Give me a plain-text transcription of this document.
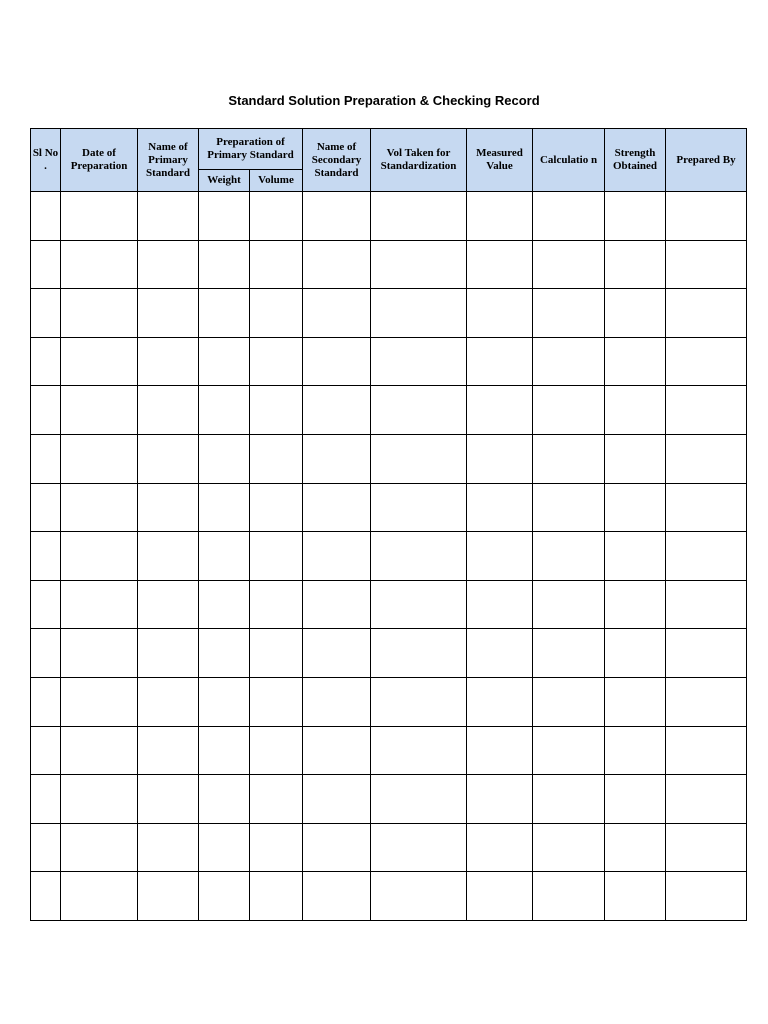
Standard Solution Preparation & Checking Record
Sl No .	Date of Preparation	Name of Primary Standard	Preparation of Primary Standard		Name of Secondary Standard	Vol Taken for Standardization	Measured Value	Calculatio n	Strength Obtained	Prepared By
			Weight	Volume						
